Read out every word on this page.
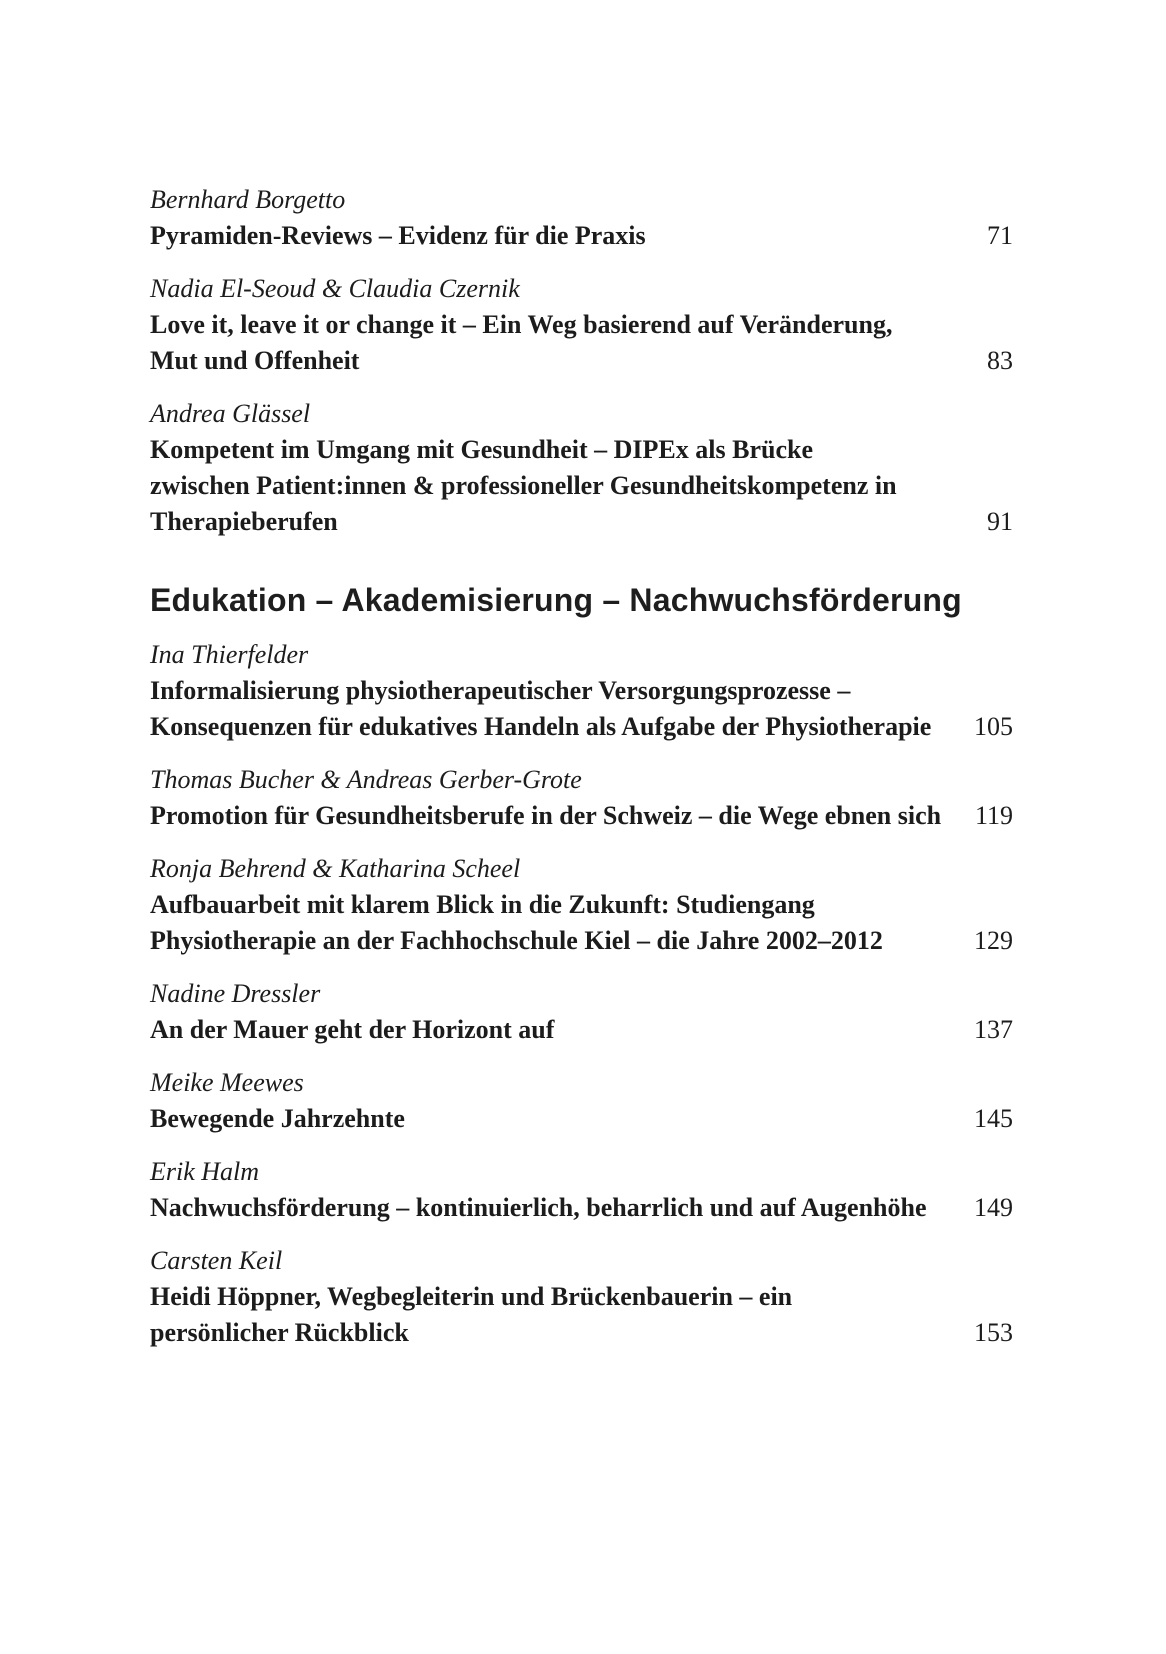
Bernhard Borgetto
Pyramiden-Reviews – Evidenz für die Praxis	71
Nadia El-Seoud & Claudia Czernik
Love it, leave it or change it – Ein Weg basierend auf Veränderung,
Mut und Offenheit	83
Andrea Glässel
Kompetent im Umgang mit Gesundheit – DIPEx als Brücke
zwischen Patient:innen & professioneller Gesundheitskompetenz in
Therapieberufen	91
Edukation – Akademisierung – Nachwuchsförderung
Ina Thierfelder
Informalisierung physiotherapeutischer Versorgungsprozesse –
Konsequenzen für edukatives Handeln als Aufgabe der Physiotherapie 105
Thomas Bucher & Andreas Gerber-Grote
Promotion für Gesundheitsberufe in der Schweiz – die Wege ebnen sich 119
Ronja Behrend & Katharina Scheel
Aufbauarbeit mit klarem Blick in die Zukunft: Studiengang
Physiotherapie an der Fachhochschule Kiel – die Jahre 2002–2012	129
Nadine Dressler
An der Mauer geht der Horizont auf	137
Meike Meewes
Bewegende Jahrzehnte	145
Erik Halm
Nachwuchsförderung – kontinuierlich, beharrlich und auf Augenhöhe 149
Carsten Keil
Heidi Höppner, Wegbegleiterin und Brückenbauerin – ein
persönlicher Rückblick	153
